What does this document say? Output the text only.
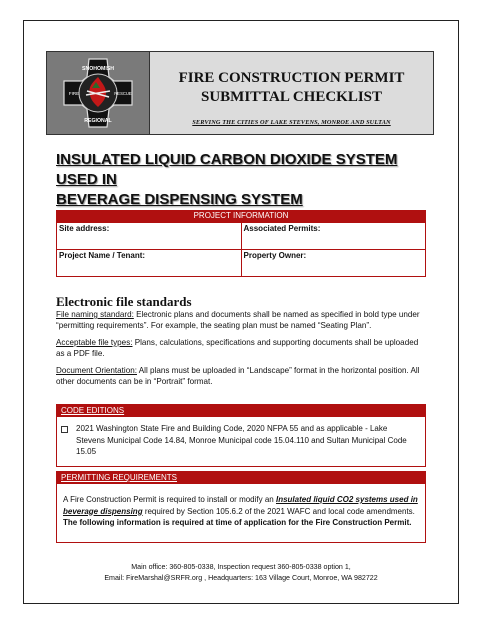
SNOHOMISH
REGIONAL
FIRE	RESCUE
FIRE CONSTRUCTION PERMIT
SUBMITTAL CHECKLIST
SERVING THE CITIES OF LAKE STEVENS, MONROE AND SULTAN
INSULATED LIQUID CARBON DIOXIDE SYSTEM USED IN
BEVERAGE DISPENSING SYSTEM
PROJECT INFORMATION	
Site address:	Associated Permits:
Project Name / Tenant:	Property Owner:
Electronic file standards
File naming standard: Electronic plans and documents shall be named as specified in bold type under “permitting requirements”. For example, the seating plan must be named “Seating Plan”.
Acceptable file types: Plans, calculations, specifications and supporting documents shall be uploaded as a PDF file.
Document Orientation: All plans must be uploaded in “Landscape” format in the horizontal position. All other documents can be in “Portrait” format.
CODE EDITIONS
2021 Washington State Fire and Building Code, 2020 NFPA 55 and as applicable - Lake Stevens Municipal Code 14.84, Monroe Municipal code 15.04.110 and Sultan Municipal Code 15.05
PERMITTING REQUIREMENTS
A Fire Construction Permit is required to install or modify an Insulated liquid CO2 systems used in beverage dispensing required by Section 105.6.2 of the 2021 WAFC and local code amendments. The following information is required at time of application for the Fire Construction Permit.
Main office: 360-805-0338, Inspection request 360-805-0338 option 1,
Email: FireMarshal@SRFR.org , Headquarters: 163 Village Court, Monroe, WA 982722
